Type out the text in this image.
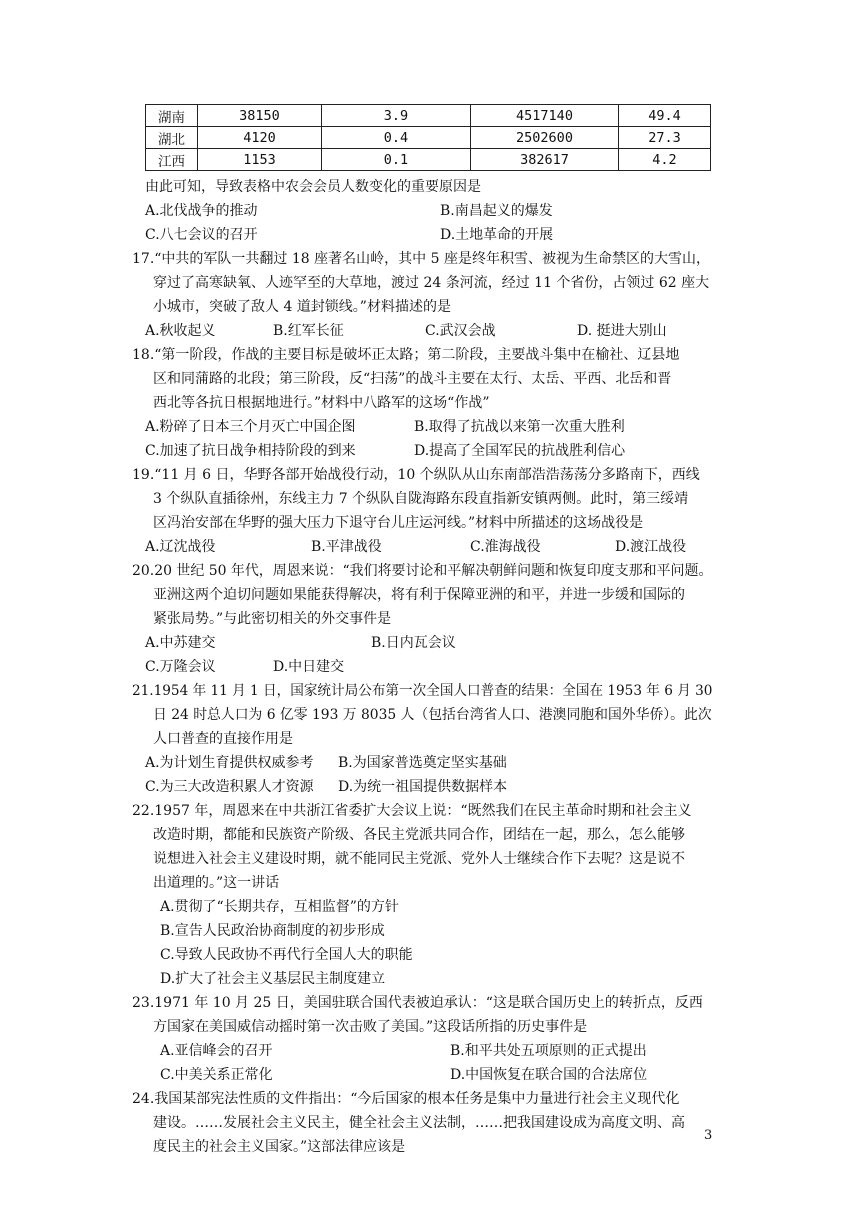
湖南	38150	3.9	4517140	49.4
湖北	4120	0.4	2502600	27.3
江西	1153	0.1	382617	4.2
由此可知，导致表格中农会会员人数变化的重要原因是
A.北伐战争的推动	B.南昌起义的爆发
C.八七会议的召开	D.土地革命的开展
17.“中共的军队一共翻过 18 座著名山岭，其中 5 座是终年积雪、被视为生命禁区的大雪山，
穿过了高寒缺氧、人迹罕至的大草地，渡过 24 条河流，经过 11 个省份，占领过 62 座大
小城市，突破了敌人 4 道封锁线。”材料描述的是
A.秋收起义	B.红军长征	C.武汉会战	D. 挺进大别山
18.“第一阶段，作战的主要目标是破坏正太路；第二阶段，主要战斗集中在榆社、辽县地
区和同蒲路的北段；第三阶段，反“扫荡”的战斗主要在太行、太岳、平西、北岳和晋
西北等各抗日根据地进行。”材料中八路军的这场“作战”
A.粉碎了日本三个月灭亡中国企图	B.取得了抗战以来第一次重大胜利
C.加速了抗日战争相持阶段的到来	D.提高了全国军民的抗战胜利信心
19.“11 月 6 日，华野各部开始战役行动，10 个纵队从山东南部浩浩荡荡分多路南下，西线
3 个纵队直插徐州，东线主力 7 个纵队自陇海路东段直指新安镇两侧。此时，第三绥靖
区冯治安部在华野的强大压力下退守台儿庄运河线。”材料中所描述的这场战役是
A.辽沈战役	B.平津战役	C.淮海战役	D.渡江战役
20.20 世纪 50 年代，周恩来说：“我们将要讨论和平解决朝鲜问题和恢复印度支那和平问题。
亚洲这两个迫切问题如果能获得解决，将有利于保障亚洲的和平，并进一步缓和国际的
紧张局势。”与此密切相关的外交事件是
A.中苏建交	B.日内瓦会议
C.万隆会议	D.中日建交
21.1954 年 11 月 1 日，国家统计局公布第一次全国人口普查的结果：全国在 1953 年 6 月 30
日 24 时总人口为 6 亿零 193 万 8035 人（包括台湾省人口、港澳同胞和国外华侨）。此次
人口普查的直接作用是
A.为计划生育提供权威参考 B.为国家普选奠定坚实基础
C.为三大改造积累人才资源 D.为统一祖国提供数据样本
22.1957 年，周恩来在中共浙江省委扩大会议上说：“既然我们在民主革命时期和社会主义
改造时期，都能和民族资产阶级、各民主党派共同合作，团结在一起，那么，怎么能够
说想进入社会主义建设时期，就不能同民主党派、党外人士继续合作下去呢？这是说不
出道理的。”这一讲话
A.贯彻了“长期共存，互相监督”的方针
B.宣告人民政治协商制度的初步形成
C.导致人民政协不再代行全国人大的职能
D.扩大了社会主义基层民主制度建立
23.1971 年 10 月 25 日，美国驻联合国代表被迫承认：“这是联合国历史上的转折点，反西
方国家在美国威信动摇时第一次击败了美国。”这段话所指的历史事件是
A.亚信峰会的召开	B.和平共处五项原则的正式提出
C.中美关系正常化	D.中国恢复在联合国的合法席位
24.我国某部宪法性质的文件指出：“今后国家的根本任务是集中力量进行社会主义现代化
建设。……发展社会主义民主，健全社会主义法制，……把我国建设成为高度文明、高
度民主的社会主义国家。”这部法律应该是
3
